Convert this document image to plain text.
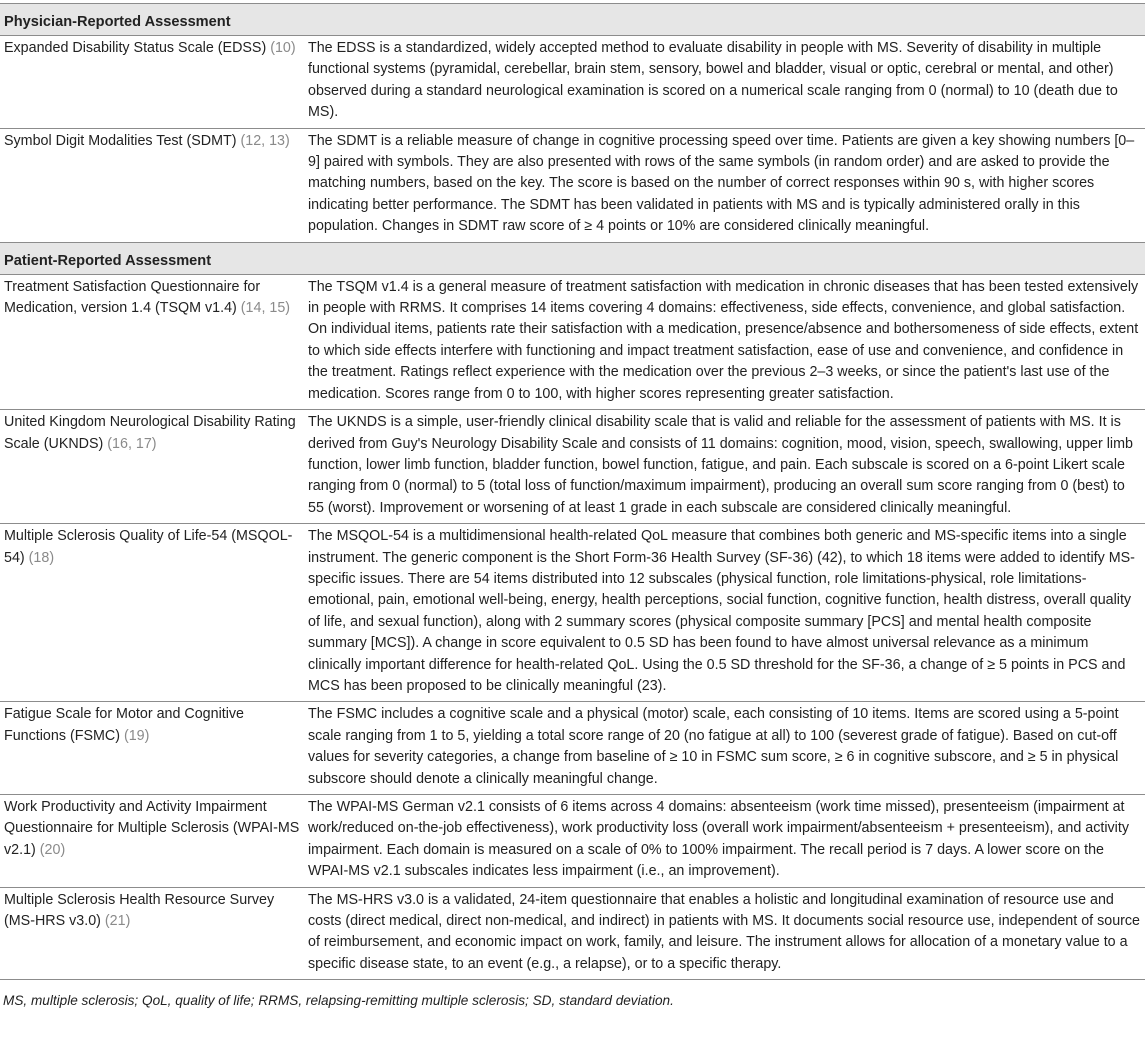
Physician-Reported Assessment
Expanded Disability Status Scale (EDSS) (10) The EDSS is a standardized, widely accepted method to evaluate disability in people with MS. Severity of disability in multiple functional systems (pyramidal, cerebellar, brain stem, sensory, bowel and bladder, visual or optic, cerebral or mental, and other) observed during a standard neurological examination is scored on a numerical scale ranging from 0 (normal) to 10 (death due to MS).
Symbol Digit Modalities Test (SDMT) (12, 13)	The SDMT is a reliable measure of change in cognitive processing speed over time. Patients are given a key showing numbers [0–9] paired with symbols. They are also presented with rows of the same symbols (in random order) and are asked to provide the matching numbers, based on the key. The score is based on the number of correct responses within 90 s, with higher scores indicating better performance. The SDMT has been validated in patients with MS and is typically administered orally in this population. Changes in SDMT raw score of ≥ 4 points or 10% are considered clinically meaningful.
Patient-Reported Assessment
Treatment Satisfaction Questionnaire for Medication, version 1.4 (TSQM v1.4) (14, 15)
The TSQM v1.4 is a general measure of treatment satisfaction with medication in chronic diseases that has been tested extensively in people with RRMS. It comprises 14 items covering 4 domains: effectiveness, side effects, convenience, and global satisfaction. On individual items, patients rate their satisfaction with a medication, presence/absence and bothersomeness of side effects, extent to which side effects interfere with functioning and impact treatment satisfaction, ease of use and convenience, and confidence in the treatment. Ratings reflect experience with the medication over the previous 2–3 weeks, or since the patient's last use of the medication. Scores range from 0 to 100, with higher scores representing greater satisfaction.
United Kingdom Neurological Disability Rating Scale (UKNDS) (16, 17)
The UKNDS is a simple, user-friendly clinical disability scale that is valid and reliable for the assessment of patients with MS. It is derived from Guy's Neurology Disability Scale and consists of 11 domains: cognition, mood, vision, speech, swallowing, upper limb function, lower limb function, bladder function, bowel function, fatigue, and pain. Each subscale is scored on a 6-point Likert scale ranging from 0 (normal) to 5 (total loss of function/maximum impairment), producing an overall sum score ranging from 0 (best) to 55 (worst). Improvement or worsening of at least 1 grade in each subscale are considered clinically meaningful.
Multiple Sclerosis Quality of Life-54 (MSQOL-54) (18)
The MSQOL-54 is a multidimensional health-related QoL measure that combines both generic and MS-specific items into a single instrument. The generic component is the Short Form-36 Health Survey (SF-36) (42), to which 18 items were added to identify MS-specific issues. There are 54 items distributed into 12 subscales (physical function, role limitations-physical, role limitations-emotional, pain, emotional well-being, energy, health perceptions, social function, cognitive function, health distress, overall quality of life, and sexual function), along with 2 summary scores (physical composite summary [PCS] and mental health composite summary [MCS]). A change in score equivalent to 0.5 SD has been found to have almost universal relevance as a minimum clinically important difference for health-related QoL. Using the 0.5 SD threshold for the SF-36, a change of ≥ 5 points in PCS and MCS has been proposed to be clinically meaningful (23).
Fatigue Scale for Motor and Cognitive Functions (FSMC) (19)
The FSMC includes a cognitive scale and a physical (motor) scale, each consisting of 10 items. Items are scored using a 5-point scale ranging from 1 to 5, yielding a total score range of 20 (no fatigue at all) to 100 (severest grade of fatigue). Based on cut-off values for severity categories, a change from baseline of ≥ 10 in FSMC sum score, ≥ 6 in cognitive subscore, and ≥ 5 in physical subscore should denote a clinically meaningful change.
Work Productivity and Activity Impairment Questionnaire for Multiple Sclerosis (WPAI-MS v2.1) (20)
The WPAI-MS German v2.1 consists of 6 items across 4 domains: absenteeism (work time missed), presenteeism (impairment at work/reduced on-the-job effectiveness), work productivity loss (overall work impairment/absenteeism + presenteeism), and activity impairment. Each domain is measured on a scale of 0% to 100% impairment. The recall period is 7 days. A lower score on the WPAI-MS v2.1 subscales indicates less impairment (i.e., an improvement).
Multiple Sclerosis Health Resource Survey (MS-HRS v3.0) (21)
The MS-HRS v3.0 is a validated, 24-item questionnaire that enables a holistic and longitudinal examination of resource use and costs (direct medical, direct non-medical, and indirect) in patients with MS. It documents social resource use, independent of source of reimbursement, and economic impact on work, family, and leisure. The instrument allows for allocation of a monetary value to a specific disease state, to an event (e.g., a relapse), or to a specific therapy.
MS, multiple sclerosis; QoL, quality of life; RRMS, relapsing-remitting multiple sclerosis; SD, standard deviation.
